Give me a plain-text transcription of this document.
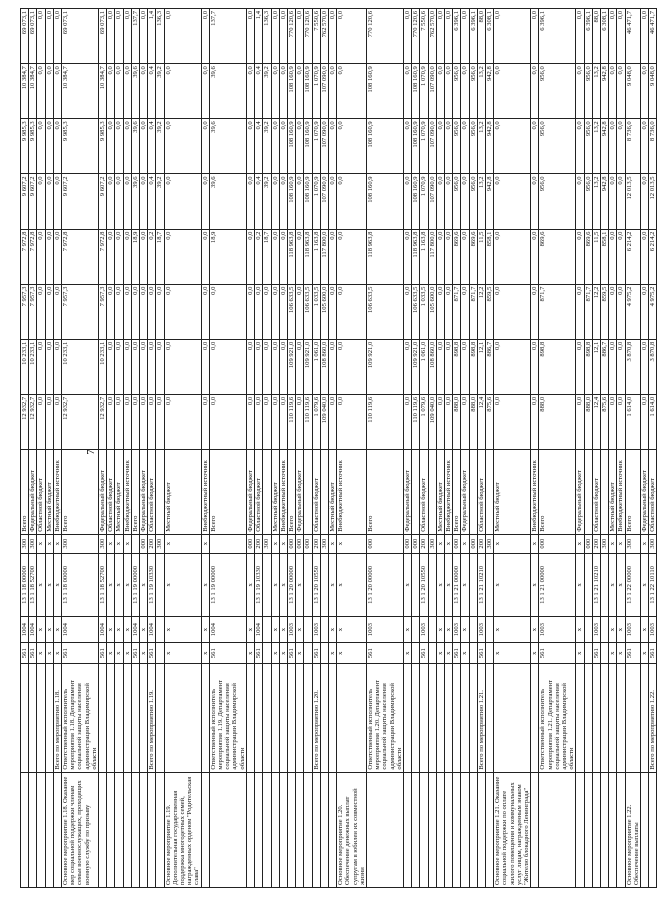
7
		561	1004	13 1 18 00000	300	Всего	12 932,7	10 233,1	7 957,3	7 972,8	9 607,2	9 985,3	10 384,7	69 073,1
		561	1004	13 1 18 52700	300	Федеральный бюджет	12 932,7	10 233,1	7 957,3	7 972,8	9 607,2	9 985,3	10 384,7	69 073,1
		x	x	x	x	Областной бюджет	0,0	0,0	0,0	0,0	0,0	0,0	0,0	0,0
		x	x	x	x	Местный бюджет	0,0	0,0	0,0	0,0	0,0	0,0	0,0	0,0
	Всего по мероприятию 1.18.	x	x	x	x	Внебюджетный источник	0,0	0,0	0,0	0,0	0,0	0,0	0,0	0,0
Основное мероприятие 1.18. Оказание мер социальной поддержки членам семьи военнослужащих, проходящих военную службу по призыву	Ответственный исполнитель мероприятия 1.18. Департамент социальной защиты населения администрации Владимирской области	561	1004	13 1 18 00000	300	Всего	12 932,7	10 233,1	7 957,3	7 972,8	9 607,2	9 985,3	10 384,7	69 073,1
		561	1004	13 1 18 52700	300	Федеральный бюджет	12 932,7	10 233,1	7 957,3	7 972,8	9 607,2	9 985,3	10 384,7	69 073,1
		x	x	x	x	Областной бюджет	0,0	0,0	0,0	0,0	0,0	0,0	0,0	0,0
		x	x	x	x	Местный бюджет	0,0	0,0	0,0	0,0	0,0	0,0	0,0	0,0
		x	x	x	x	Внебюджетный источник	0,0	0,0	0,0	0,0	0,0	0,0	0,0	0,0
		561	1004	13 1 19 00000		Всего	0,0	0,0	0,0	18,9	39,6	39,6	39,6	137,7
		x	x	x	000	Федеральный бюджет	0,0	0,0	0,0	0,0	0,0	0,0	0,0	0,0
	Всего по мероприятию 1.19.	561	1004	13 1 19 10330	200	Областной бюджет	0,0	0,0	0,0	0,2	0,4	0,4	0,4	1,4
					300		0,0	0,0	0,0	18,7	39,2	39,2	39,2	136,3
Основное мероприятие 1.19. Дополнительная государственная поддержка многодетных семей, награжденных орденом "Родительская слава"		x	x	x	x	Местный бюджет	0,0	0,0	0,0	0,0	0,0	0,0	0,0	0,0
		x	x	x	x	Внебюджетный источник	0,0	0,0	0,0	0,0	0,0	0,0	0,0	0,0
	Ответственный исполнитель мероприятия 1.19. Департамент социальной защиты населения администрации Владимирской области	561	1004	13 1 19 00000		Всего	0,0	0,0	0,0	18,9	39,6	39,6	39,6	137,7
		x	x	x	000	Федеральный бюджет	0,0	0,0	0,0	0,0	0,0	0,0	0,0	0,0
		561	1004	13 1 19 10330	200	Областной бюджет	0,0	0,0	0,0	0,2	0,4	0,4	0,4	1,4
					300		0,0	0,0	0,0	18,7	39,2	39,2	39,2	136,3
		x	x	x	x	Местный бюджет	0,0	0,0	0,0	0,0	0,0	0,0	0,0	0,0
		x	x	x	x	Внебюджетный источник	0,0	0,0	0,0	0,0	0,0	0,0	0,0	0,0
		561	1003	13 1 20 00000	000	Всего	110 119,6	109 921,0	106 633,5	118 963,8	108 160,9	108 160,9	108 160,9	770 120,6
		x	x	x	000	Федеральный бюджет	0,0	0,0	0,0	0,0	0,0	0,0	0,0	0,0
					000		110 119,6	109 921,0	106 633,5	118 963,8	108 160,9	108 160,9	108 160,9	770 120,6
	Всего по мероприятию 1.20.	561	1003	13 1 20 10550	200	Областной бюджет	1 079,6	1 061,0	1 033,5	1 163,8	1 070,9	1 070,9	1 070,9	7 550,6
					300		109 040,0	108 860,0	105 600,0	117 800,0	107 090,0	107 090,0	107 090,0	762 570,0
		x	x	x	x	Местный бюджет	0,0	0,0	0,0	0,0	0,0	0,0	0,0	0,0
Основное мероприятие 1.20. Обеспечение денежных выплат супругам в юбилеи их совместной жизни		x	x	x	x	Внебюджетный источник	0,0	0,0	0,0	0,0	0,0	0,0	0,0	0,0
	Ответственный исполнитель мероприятия 1.20. Департамент социальной защиты населения администрации Владимирской области	561	1003	13 1 20 00000	000	Всего	110 119,6	109 921,0	106 633,5	118 963,8	108 160,9	108 160,9	108 160,9	770 120,6
		x	x	x	000	Федеральный бюджет	0,0	0,0	0,0	0,0	0,0	0,0	0,0	0,0
					000		110 119,6	109 921,0	106 633,5	118 963,8	108 160,9	108 160,9	108 160,9	770 120,6
		561	1003	13 1 20 10550	200	Областной бюджет	1 079,6	1 061,0	1 033,5	1 163,8	1 070,9	1 070,9	1 070,9	7 550,6
					300		109 040,0	108 860,0	105 600,0	117 800,0	107 090,0	107 090,0	107 090,0	762 570,0
		x	x	x	x	Местный бюджет	0,0	0,0	0,0	0,0	0,0	0,0	0,0	0,0
		x	x	x	x	Внебюджетный источник	0,0	0,0	0,0	0,0	0,0	0,0	0,0	0,0
		561	1003	13 1 21 00000	000	Всего	888,0	898,8	871,7	869,6	956,0	956,0	956,0	6 396,1
		x	x	x	x	Федеральный бюджет	0,0	0,0	0,0	0,0	0,0	0,0	0,0	0,0
					000		888,0	898,8	871,7	869,6	956,0	956,0	956,0	6 396,1
	Всего по мероприятию 1.21.	561	1003	13 1 21 10210	200	Областной бюджет	12,4	12,1	12,2	11,5	13,2	13,2	13,2	88,0
					300		875,6	886,7	859,5	858,1	942,8	942,8	942,8	6 308,1
Основное мероприятие 1.21. Оказание социальной поддержки по оплате жилого помещения и коммунальных услуг лицам, награжденным знаком "Жителю блокадного Ленинграда"		x	x	x	x	Местный бюджет	0,0	0,0	0,0	0,0	0,0	0,0	0,0	0,0
		x	x	x	x	Внебюджетный источник	0,0	0,0	0,0	0,0	0,0	0,0	0,0	0,0
	Ответственный исполнитель мероприятия 1.21. Департамент социальной защиты населения администрации Владимирской области	561	1003	13 1 21 00000	000	Всего	888,0	898,8	871,7	869,6	956,0	956,0	956,0	6 396,1
		x	x	x	x	Федеральный бюджет	0,0	0,0	0,0	0,0	0,0	0,0	0,0	0,0
					000		888,0	898,8	871,7	869,6	956,0	956,0	956,0	6 396,1
		561	1003	13 1 21 10210	200	Областной бюджет	12,4	12,1	12,2	11,5	13,2	13,2	13,2	88,0
					300		875,6	886,7	859,5	858,1	942,8	942,8	942,8	6 308,1
		x	x	x	x	Местный бюджет	0,0	0,0	0,0	0,0	0,0	0,0	0,0	0,0
		x	x	x	x	Внебюджетный источник	0,0	0,0	0,0	0,0	0,0	0,0	0,0	0,0
Основное мероприятие 1.22. Обеспечение выплаты		561	1003	13 1 22 00000	300	Всего	1 614,0	3 870,8	4 975,2	6 214,2	12 013,5	8 736,0	9 048,0	46 471,7
		x	x	x	x	Федеральный бюджет	0,0	0,0	0,0	0,0	0,0	0,0	0,0	0,0
	Всего по мероприятию 1.22.	561	1003	13 1 22 10110	300	Областной бюджет	1 614,0	3 870,8	4 975,2	6 214,2	12 013,5	8 736,0	9 048,0	46 471,7
